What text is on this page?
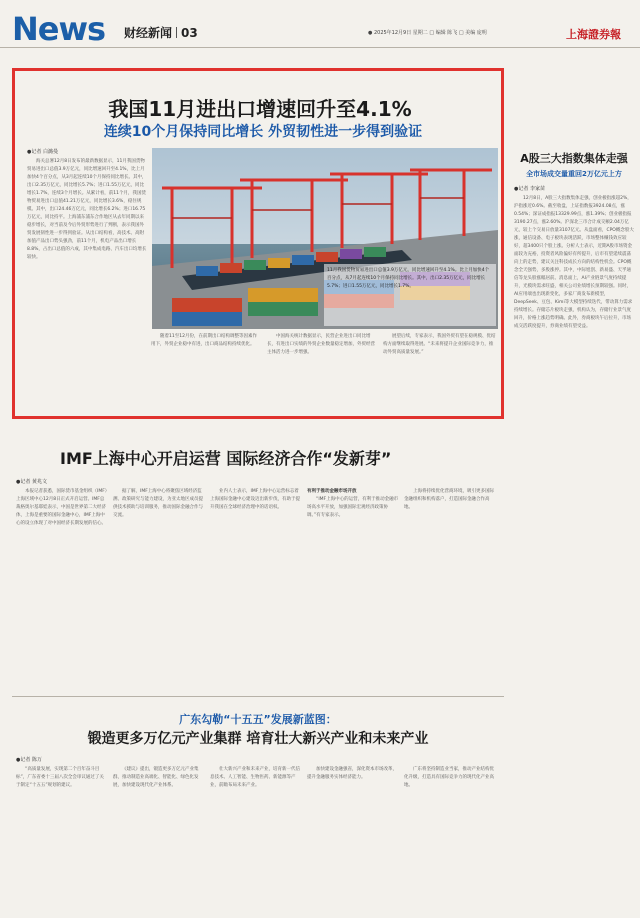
News 财经新闻 03	● 2025年12月9日 星期二 □ 编辑 陈飞 □ 美编 庞明	上海證券報
我国11月进出口增速回升至4.1%
连续10个月保持同比增长 外贸韧性进一步得到验证
●记者 白潞曼
海关总署12月8日发布的最新数据显示，11月我国货物贸易进出口总值3.9万亿元，同比增速回升至4.1%，比上月加快4个百分点，从3月起连续10个月保持同比增长。其中，出口2.35万亿元，同比增长5.7%；进口1.55万亿元，同比增长1.7%，连续3个月增长。从累计看，前11个月，我国货物贸易进出口总值41.21万亿元，同比增长3.6%，稳住规模。其中，出口24.46万亿元，同比增长6.2%；进口16.75万亿元，同比持平。上海浦东浦东合作地区从去年同期以来稳步增长，对当前及今后外贸形势进行了判断，表示我国外贸发展韧性进一步得到验证。从出口结构看，高技术、高附加值产品出口势头强劲，前11个月，机电产品出口增长8.8%，占出口总值的六成，其中集成电路、汽车出口均增长较快。
11月我国货物贸易进出口总值3.9万亿元，同比增速回升至4.1%。比上月加快4个百分点，从7月起连续10个月保持同比增长。其中，出口2.35万亿元，同比增长5.7%；进口1.55万亿元，同比增长1.7%。
随着11至12月份，在前期出口结构调整等因素作用下，外贸企业稳中有进，出口商品结构持续优化。
中国海关统计数据显示，民营企业进出口同比增长，有进出口实绩的外贸企业数量稳定增加，外贸经营主体活力进一步增强。
展望后续，专家表示，我国外贸有望在稳规模、优结构方面继续取得进展。“未来将提升企业国际竞争力，推动外贸高质量发展。”
A股三大指数集体走强
全市场成交量重回2万亿元上方
●记者 李家苗
12月8日，A股三大指数集体走强，创业板指涨超2%，沪指涨近0.6%。截至收盘，上证指数报3924.08点，涨0.54%；深证成指报13329.99点，涨1.39%；创业板指报3190.27点，涨2.60%。沪深北三市合计成交额2.04万亿元，较上个交易日放量3107亿元。从盘面看，CPO概念股大涨，通信设备、电子板块表现活跃，市场整体赚钱效应较好，超3400只个股上涨。分析人士表示，近期A股市场资金面较为充裕，投资者风险偏好有所提升，后市有望延续震荡向上的走势，建议关注科技成长方向的结构性机会。CPO概念全天强势，多股涨停。其中，中际旭创、新易盛、天孚通信等龙头股涨幅居前。消息面上，AI产业链景气度持续提升，光模块需求旺盛，相关公司业绩增长预期较强。同时，AI应用端也出现新变化，多家厂商发布新模型，DeepSeek、豆包、Kimi等大模型持续迭代，带动算力需求持续增长。存储芯片板块走强，机构认为，存储行业景气度回升，价格上涨趋势明确。此外，券商板块午后拉升，市场成交活跃度提升，券商业绩有望受益。
IMF上海中心开启运营 国际经济合作“发新芽”
●记者 黄兆文
本报记者获悉，国际货币基金组织（IMF）上海区域中心12月8日正式开启运营。IMF总裁格奥尔基耶娃表示，中国是世界第二大经济体，上海是重要的国际金融中心，IMF上海中心的设立体现了对中国经济长期发展的信心。
据了解，IMF上海中心将聚焦区域经济监测、政策研究与能力建设，为亚太地区成员提供技术援助与培训服务，推动国际金融合作与交流。
业内人士表示，IMF上海中心运营标志着上海国际金融中心建设迈出新步伐，有助于提升我国在全球经济治理中的话语权。
有利于推动金融市场开放
“IMF上海中心的运营，有利于推动金融市场高水平开放，加强国际宏观经济政策协调。”有专家表示。
上海将持续优化营商环境，吸引更多国际金融组织和机构落户，打造国际金融合作高地。
广东勾勒“十五五”发展新蓝图：
锻造更多万亿元产业集群 培育壮大新兴产业和未来产业
●记者 陈万
“高质量发展，实现第二个百年奋斗目标”，广东省委十三届八次全会审议通过了关于制定“十五五”规划的建议。
《建议》提出，锻造更多万亿元产业集群，推动制造业高端化、智能化、绿色化发展，加快建设现代化产业体系。
壮大新兴产业和未来产业，培育新一代信息技术、人工智能、生物医药、新能源等产业，前瞻布局未来产业。
加快建设金融强省，深化资本市场改革，提升金融服务实体经济能力。
广东将坚持制造业当家，推动产业结构优化升级，打造具有国际竞争力的现代化产业高地。
